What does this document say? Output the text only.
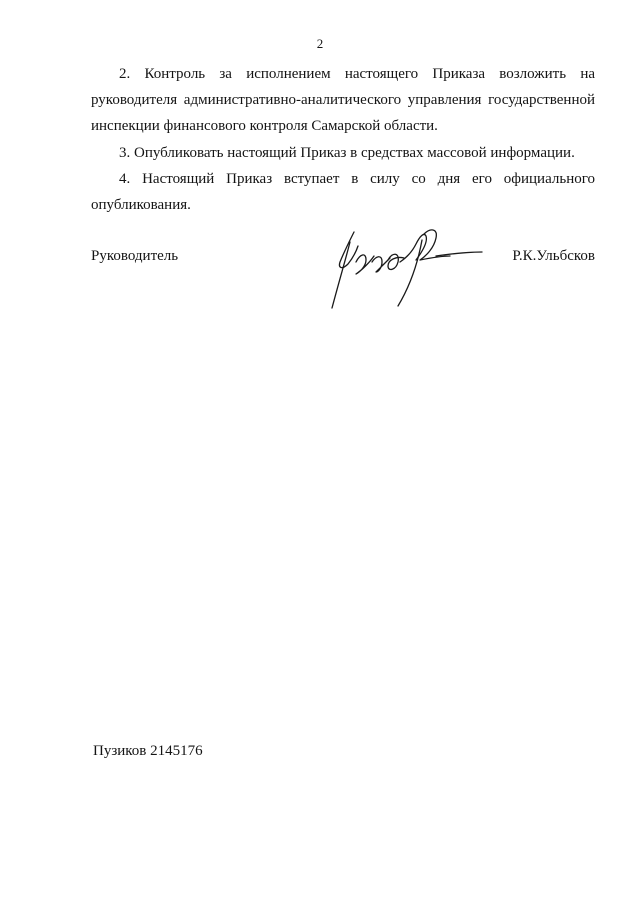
2
2. Контроль за исполнением настоящего Приказа возложить на
руководителя административно-аналитического управления государственной
инспекции финансового контроля Самарской области.
3. Опубликовать настоящий Приказ в средствах массовой информации.
4. Настоящий Приказ вступает в силу со дня его официального
опубликования.
Руководитель	Р.К.Ульбсков
Пузиков 2145176
